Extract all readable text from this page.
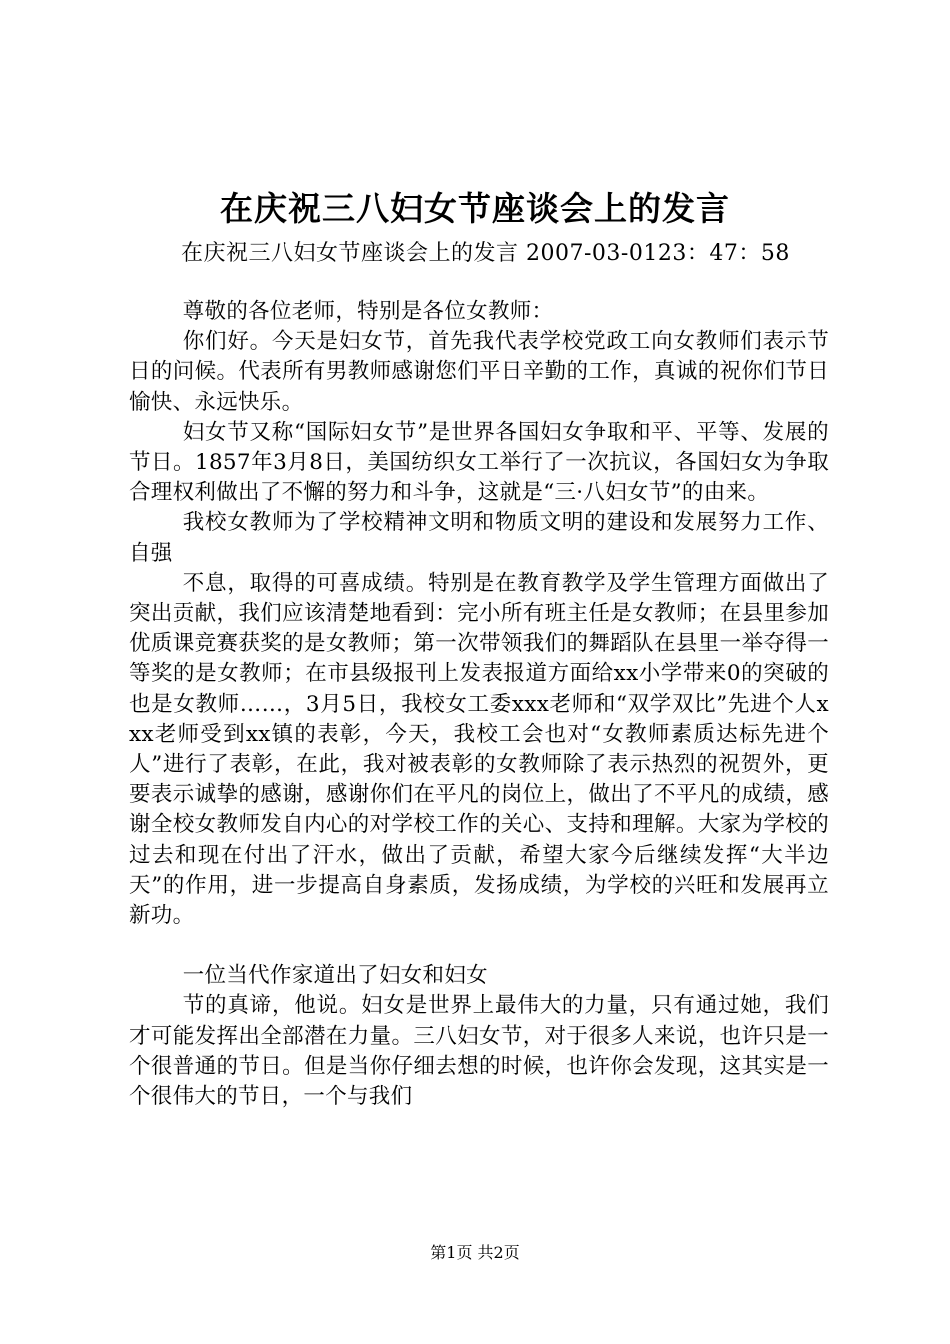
在庆祝三八妇女节座谈会上的发言
在庆祝三八妇女节座谈会上的发言 2007-03-0123：47：58

尊敬的各位老师，特别是各位女教师：

你们好。今天是妇女节，首先我代表学校党政工向女教师们表示节日的问候。代表所有男教师感谢您们平日辛勤的工作，真诚的祝你们节日愉快、永远快乐。

妇女节又称“国际妇女节”是世界各国妇女争取和平、平等、发展的节日。1857年3月8日，美国纺织女工举行了一次抗议，各国妇女为争取合理权利做出了不懈的努力和斗争，这就是“三·八妇女节”的由来。

我校女教师为了学校精神文明和物质文明的建设和发展努力工作、自强

不息，取得的可喜成绩。特别是在教育教学及学生管理方面做出了突出贡献，我们应该清楚地看到：完小所有班主任是女教师；在县里参加优质课竞赛获奖的是女教师；第一次带领我们的舞蹈队在县里一举夺得一等奖的是女教师；在市县级报刊上发表报道方面给xx小学带来0的突破的也是女教师……，3月5日，我校女工委xxx老师和“双学双比”先进个人xxx老师受到xx镇的表彰，今天，我校工会也对“女教师素质达标先进个人”进行了表彰，在此，我对被表彰的女教师除了表示热烈的祝贺外，更要表示诚挚的感谢，感谢你们在平凡的岗位上，做出了不平凡的成绩，感谢全校女教师发自内心的对学校工作的关心、支持和理解。大家为学校的过去和现在付出了汗水，做出了贡献，希望大家今后继续发挥“大半边天”的作用，进一步提高自身素质，发扬成绩，为学校的兴旺和发展再立新功。

一位当代作家道出了妇女和妇女

节的真谛，他说。妇女是世界上最伟大的力量，只有通过她，我们才可能发挥出全部潜在力量。三八妇女节，对于很多人来说，也许只是一个很普通的节日。但是当你仔细去想的时候，也许你会发现，这其实是一个很伟大的节日，一个与我们

第1页 共2页
